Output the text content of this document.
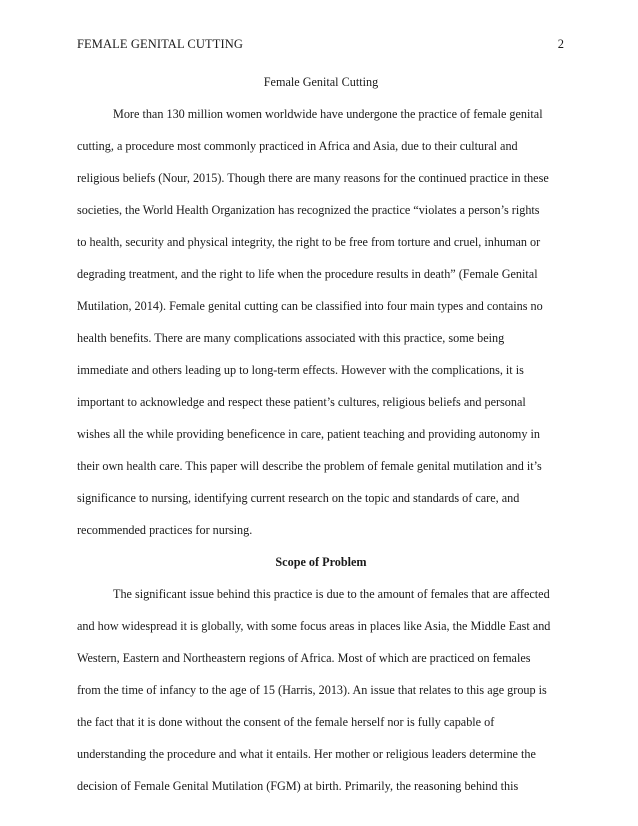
FEMALE GENITAL CUTTING	2

Female Genital Cutting

More than 130 million women worldwide have undergone the practice of female genital
cutting, a procedure most commonly practiced in Africa and Asia, due to their cultural and
religious beliefs (Nour, 2015). Though there are many reasons for the continued practice in these
societies, the World Health Organization has recognized the practice “violates a person’s rights
to health, security and physical integrity, the right to be free from torture and cruel, inhuman or
degrading treatment, and the right to life when the procedure results in death” (Female Genital
Mutilation, 2014). Female genital cutting can be classified into four main types and contains no
health benefits. There are many complications associated with this practice, some being
immediate and others leading up to long-term effects. However with the complications, it is
important to acknowledge and respect these patient’s cultures, religious beliefs and personal
wishes all the while providing beneficence in care, patient teaching and providing autonomy in
their own health care. This paper will describe the problem of female genital mutilation and it’s
significance to nursing, identifying current research on the topic and standards of care, and
recommended practices for nursing.

Scope of Problem

The significant issue behind this practice is due to the amount of females that are affected
and how widespread it is globally, with some focus areas in places like Asia, the Middle East and
Western, Eastern and Northeastern regions of Africa. Most of which are practiced on females
from the time of infancy to the age of 15 (Harris, 2013). An issue that relates to this age group is
the fact that it is done without the consent of the female herself nor is fully capable of
understanding the procedure and what it entails. Her mother or religious leaders determine the
decision of Female Genital Mutilation (FGM) at birth. Primarily, the reasoning behind this
